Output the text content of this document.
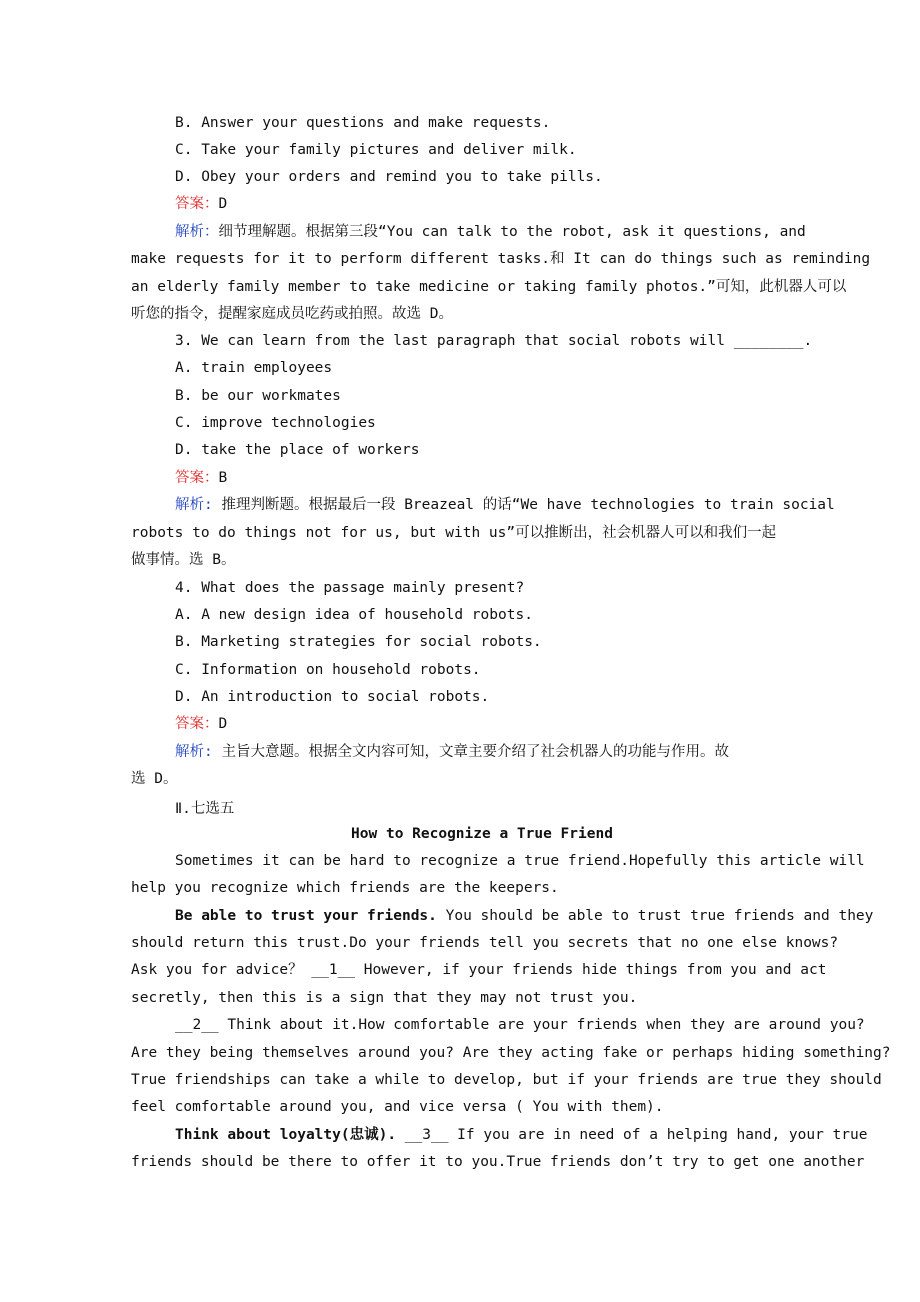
B. Answer your questions and make requests.
C. Take your family pictures and deliver milk.
D. Obey your orders and remind you to take pills.
答案：D
解析：细节理解题。根据第三段“You can talk to the robot, ask it questions, and
make requests for it to perform different tasks.和 It can do things such as reminding
an elderly family member to take medicine or taking family photos.”可知，此机器人可以
听您的指令，提醒家庭成员吃药或拍照。故选 D。
3. We can learn from the last paragraph that social robots will ________.
A. train employees
B. be our workmates
C. improve technologies
D. take the place of workers
答案：B
解析: 推理判断题。根据最后一段 Breazeal 的话“We have technologies to train social
robots to do things not for us, but with us”可以推断出，社会机器人可以和我们一起
做事情。选 B。
4. What does the passage mainly present?
A. A new design idea of household robots.
B. Marketing strategies for social robots.
C. Information on household robots.
D. An introduction to social robots.
答案：D
解析: 主旨大意题。根据全文内容可知，文章主要介绍了社会机器人的功能与作用。故
选 D。
Ⅱ.七选五
How to Recognize a True Friend
Sometimes it can be hard to recognize a true friend.Hopefully this article will
help you recognize which friends are the keepers.
Be able to trust your friends. You should be able to trust true friends and they
should return this trust.Do your friends tell you secrets that no one else knows?
Ask you for advice？ __1__ However, if your friends hide things from you and act
secretly, then this is a sign that they may not trust you.
__2__ Think about it.How comfortable are your friends when they are around you?
Are they being themselves around you? Are they acting fake or perhaps hiding something?
True friendships can take a while to develop, but if your friends are true they should
feel comfortable around you, and vice versa ( You with them).
Think about loyalty(忠诚). __3__ If you are in need of a helping hand, your true
friends should be there to offer it to you.True friends don’t try to get one another
